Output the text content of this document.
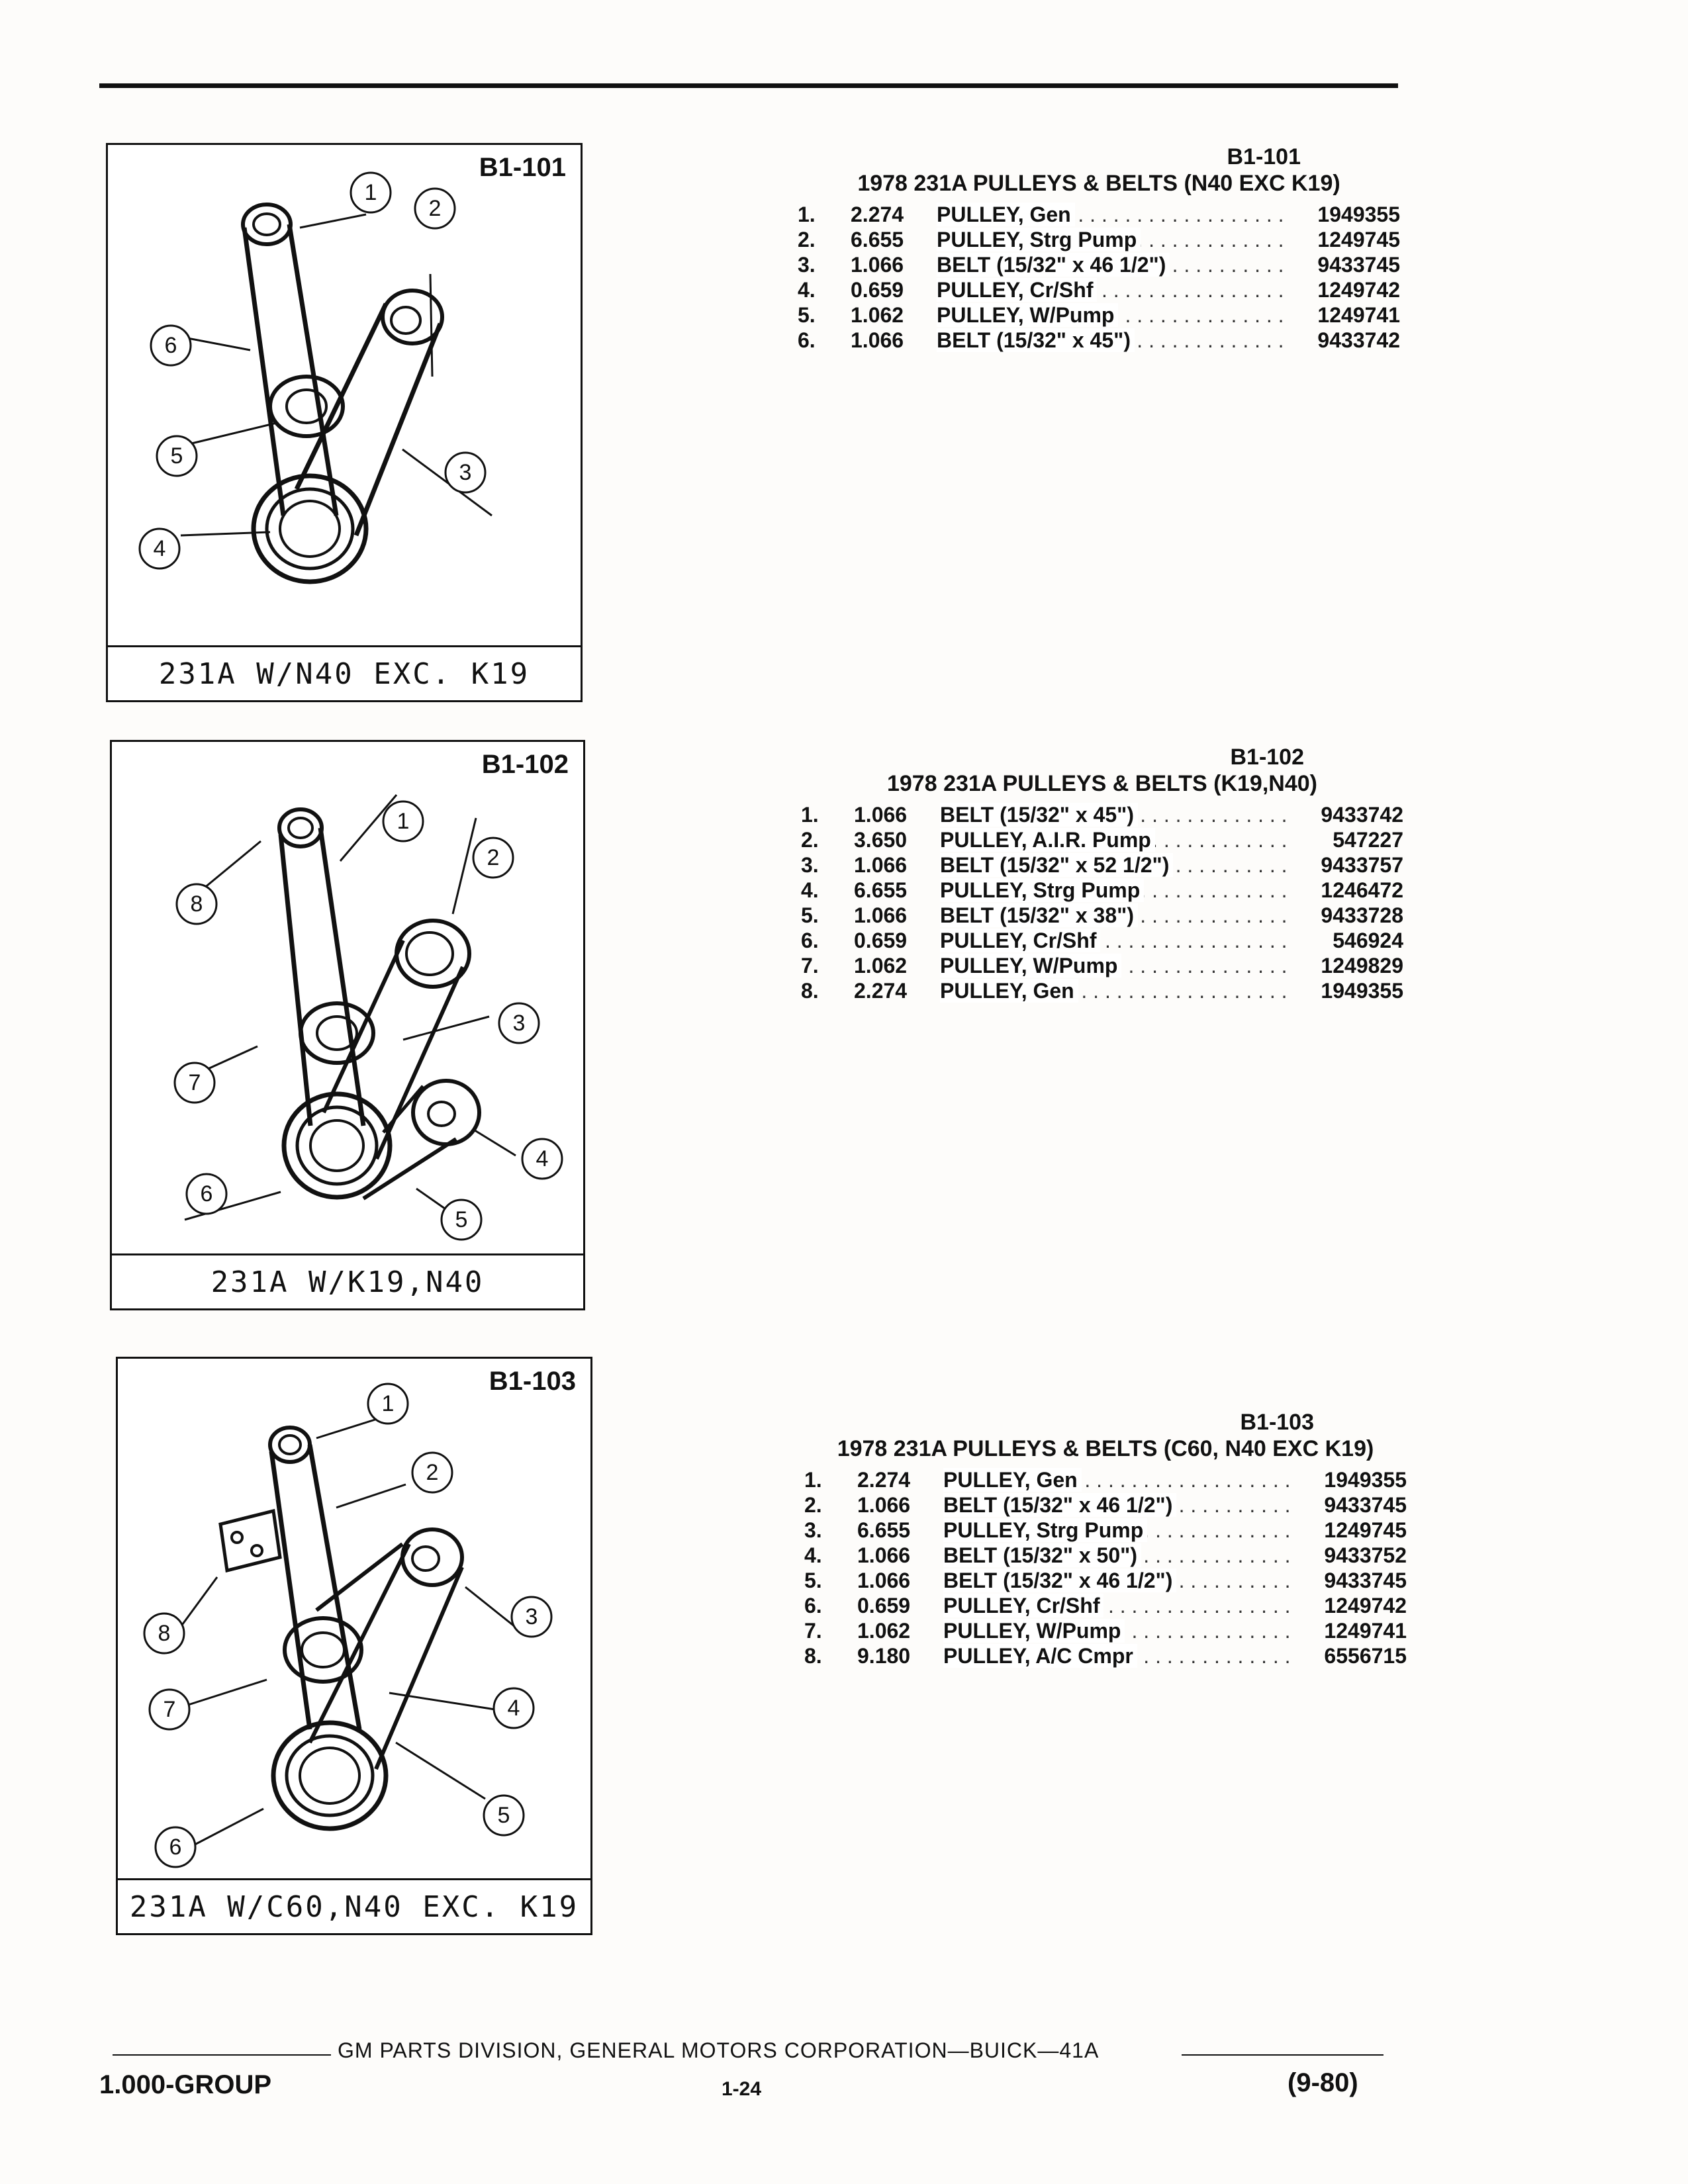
1
2
3
4
5
6
B1-101
231A W/N40 EXC. K19
1
2
3
4
5
6
7
8
B1-102
231A W/K19,N40
1
2
3
4
5
6
7
8
B1-103
231A W/C60,N40 EXC. K19
B1-101
1978 231A PULLEYS & BELTS (N40 EXC K19)
1.	2.274	PULLEY, Gen . . .	1949355
2.	6.655	PULLEY, Strg Pump . . .	1249745
3.	1.066	BELT (15/32" x 46 1/2") . . .	9433745
4.	0.659	PULLEY, Cr/Shf . . .	1249742
5.	1.062	PULLEY, W/Pump . . .	1249741
6.	1.066	BELT (15/32" x 45") . . .	9433742
B1-102
1978 231A PULLEYS & BELTS (K19,N40)
1.	1.066	BELT (15/32" x 45") . . .	9433742
2.	3.650	PULLEY, A.I.R. Pump . . .	547227
3.	1.066	BELT (15/32" x 52 1/2") . . .	9433757
4.	6.655	PULLEY, Strg Pump . . .	1246472
5.	1.066	BELT (15/32" x 38") . . .	9433728
6.	0.659	PULLEY, Cr/Shf . . .	546924
7.	1.062	PULLEY, W/Pump . . .	1249829
8.	2.274	PULLEY, Gen . . .	1949355
B1-103
1978 231A PULLEYS & BELTS (C60, N40 EXC K19)
1.	2.274	PULLEY, Gen . . .	1949355
2.	1.066	BELT (15/32" x 46 1/2") . . .	9433745
3.	6.655	PULLEY, Strg Pump . . .	1249745
4.	1.066	BELT (15/32" x 50") . . .	9433752
5.	1.066	BELT (15/32" x 46 1/2") . . .	9433745
6.	0.659	PULLEY, Cr/Shf . . .	1249742
7.	1.062	PULLEY, W/Pump . . .	1249741
8.	9.180	PULLEY, A/C Cmpr . . .	6556715
GM PARTS DIVISION, GENERAL MOTORS CORPORATION—BUICK—41A
1.000-GROUP	1-24	(9-80)
